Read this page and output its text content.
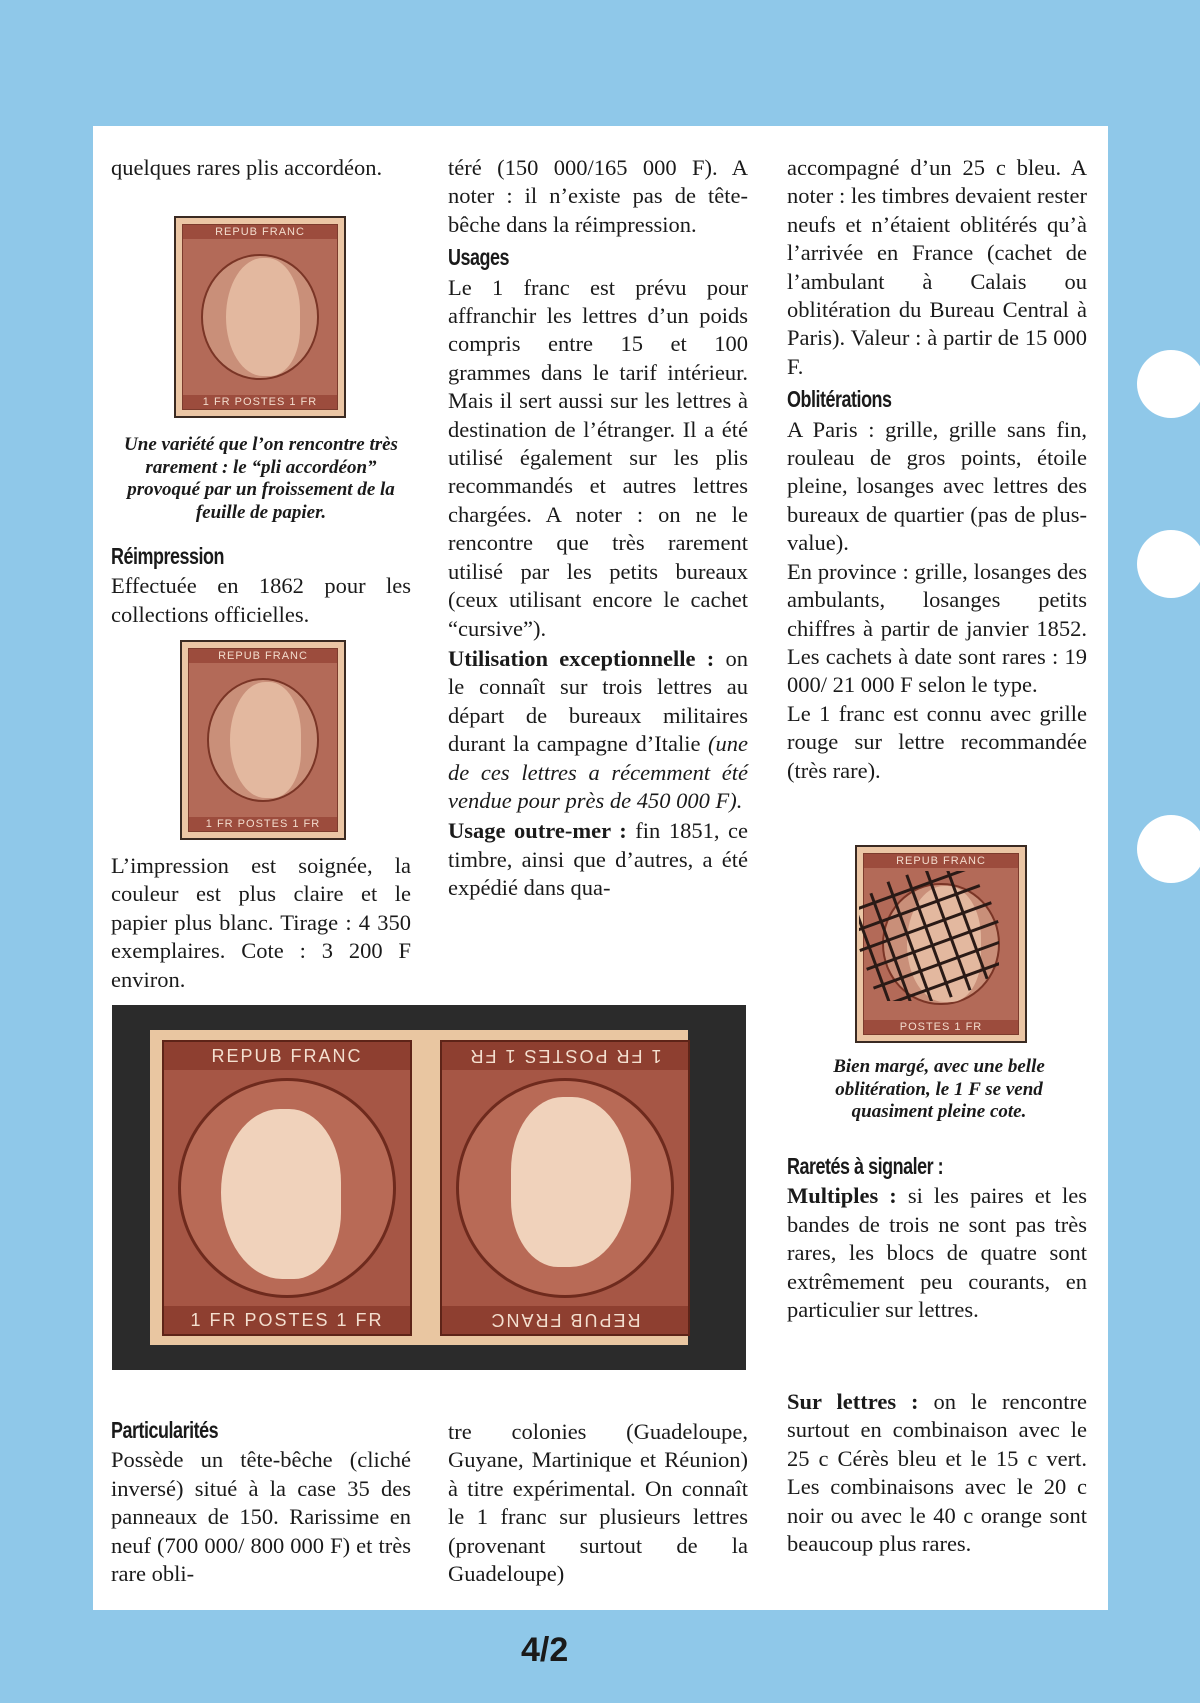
quelques rares plis accordéon.

REPUB FRANC
1 FR POSTES 1 FR
Une variété que l’on rencontre très rarement : le “pli accordéon” provoqué par un froissement de la feuille de papier.
Réimpression

Effectuée en 1862 pour les collections officielles.

REPUB FRANC
1 FR POSTES 1 FR

L’impression est soignée, la couleur est plus claire et le papier plus blanc. Tirage : 4 350 exemplaires. Cote : 3 200 F environ.

téré (150 000/165 000 F). A noter : il n’existe pas de tête-bêche dans la réimpression.

Usages

Le 1 franc est prévu pour affranchir les lettres d’un poids compris entre 15 et 100 grammes dans le tarif intérieur. Mais il sert aussi sur les lettres à destination de l’étranger. Il a été utilisé également sur les plis recommandés et autres lettres chargées. A noter : on ne le rencontre que très rarement utilisé par les petits bureaux (ceux utilisant encore le cachet “cursive”).

Utilisation exceptionnelle : on le connaît sur trois lettres au départ de bureaux militaires durant la campagne d’Italie (une de ces lettres a récemment été vendue pour près de 450 000 F).

Usage outre-mer : fin 1851, ce timbre, ainsi que d’autres, a été expédié dans qua-

accompagné d’un 25 c bleu. A noter : les timbres devaient rester neufs et n’étaient oblitérés qu’à l’arrivée en France (cachet de l’ambulant à Calais ou oblitération du Bureau Central à Paris). Valeur : à partir de 15 000 F.

Oblitérations

A Paris : grille, grille sans fin, rouleau de gros points, étoile pleine, losanges avec lettres des bureaux de quartier (pas de plus-value).

En province : grille, losanges des ambulants, losanges petits chiffres à partir de janvier 1852. Les cachets à date sont rares : 19 000/ 21 000 F selon le type.

Le 1 franc est connu avec grille rouge sur lettre recommandée (très rare).

REPUB FRANC
POSTES 1 FR
Bien margé, avec une belle oblitération, le 1 F se vend quasiment pleine cote.
Raretés à signaler :

Multiples : si les paires et les bandes de trois ne sont pas très rares, les blocs de quatre sont extrêmement peu courants, en particulier sur lettres.

REPUB FRANC
1 FR POSTES 1 FR
1 FR POSTES 1 FR
REPUB FRANC
Particularités

Possède un tête-bêche (cliché inversé) situé à la case 35 des panneaux de 150. Rarissime en neuf (700 000/ 800 000 F) et très rare obli-

tre colonies (Guadeloupe, Guyane, Martinique et Réunion) à titre expérimental. On connaît le 1 franc sur plusieurs lettres (provenant surtout de la Guadeloupe)

Sur lettres : on le rencontre surtout en combinaison avec le 25 c Cérès bleu et le 15 c vert. Les combinaisons avec le 20 c noir ou avec le 40 c orange sont beaucoup plus rares.

4/2
